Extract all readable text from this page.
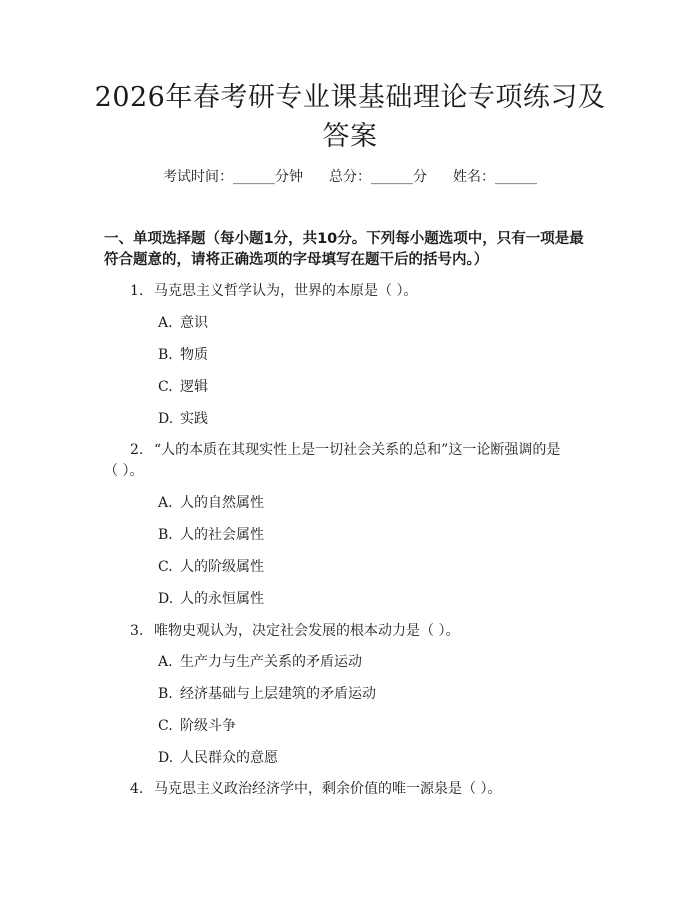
2026年春考研专业课基础理论专项练习及答案
考试时间：______分钟 总分：______分 姓名：______
一、单项选择题（每小题1分，共10分。下列每小题选项中，只有一项是最符合题意的，请将正确选项的字母填写在题干后的括号内。）
1. 马克思主义哲学认为，世界的本原是（ ）。
A. 意识
B. 物质
C. 逻辑
D. 实践
2. “人的本质在其现实性上是一切社会关系的总和”这一论断强调的是
（ ）。
A. 人的自然属性
B. 人的社会属性
C. 人的阶级属性
D. 人的永恒属性
3. 唯物史观认为，决定社会发展的根本动力是（ ）。
A. 生产力与生产关系的矛盾运动
B. 经济基础与上层建筑的矛盾运动
C. 阶级斗争
D. 人民群众的意愿
4. 马克思主义政治经济学中，剩余价值的唯一源泉是（ ）。
